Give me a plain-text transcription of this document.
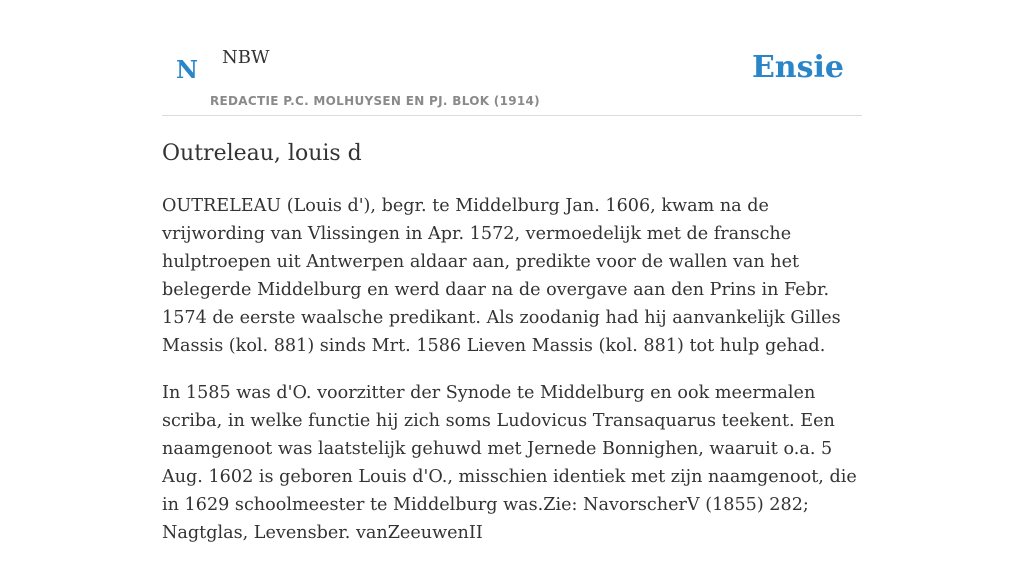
N NBW
REDACTIE P.C. MOLHUYSEN EN PJ. BLOK (1914)
Ensie
Outreleau, louis d

OUTRELEAU (Louis d'), begr. te Middelburg Jan. 1606, kwam na de vrijwording van Vlissingen in Apr. 1572, vermoedelijk met de fransche hulptroepen uit Antwerpen aldaar aan, predikte voor de wallen van het belegerde Middelburg en werd daar na de overgave aan den Prins in Febr. 1574 de eerste waalsche predikant. Als zoodanig had hij aanvankelijk Gilles Massis (kol. 881) sinds Mrt. 1586 Lieven Massis (kol. 881) tot hulp gehad.

In 1585 was d'O. voorzitter der Synode te Middelburg en ook meermalen scriba, in welke functie hij zich soms Ludovicus Transaquarus teekent. Een naamgenoot was laatstelijk gehuwd met Jernede Bonnighen, waaruit o.a. 5 Aug. 1602 is geboren Louis d'O., misschien identiek met zijn naamgenoot, die in 1629 schoolmeester te Middelburg was.Zie: NavorscherV (1855) 282; Nagtglas, Levensber. vanZeeuwenII
